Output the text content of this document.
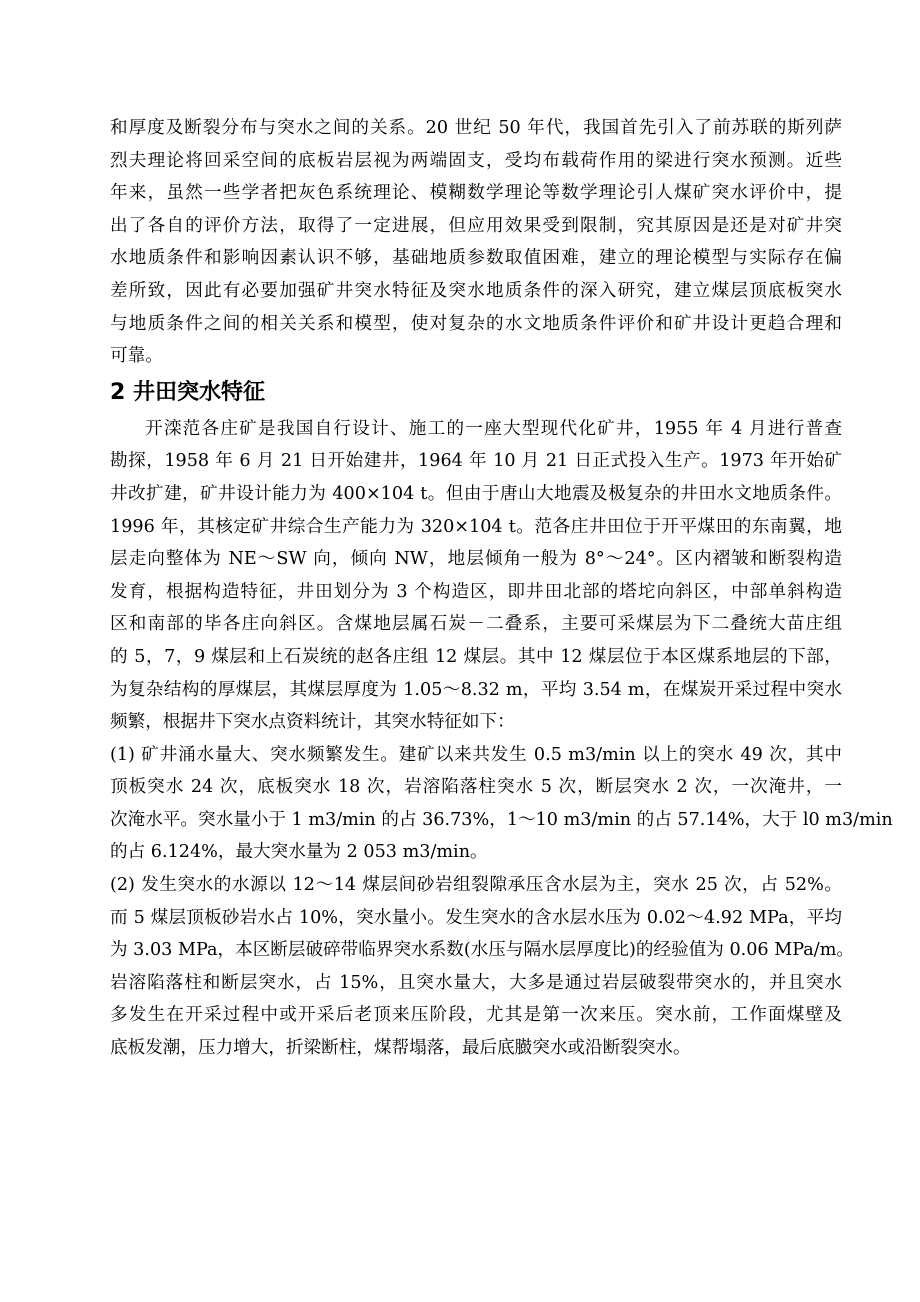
和厚度及断裂分布与突水之间的关系。20 世纪 50 年代，我国首先引入了前苏联的斯列萨
烈夫理论将回采空间的底板岩层视为两端固支，受均布载荷作用的梁进行突水预测。近些
年来，虽然一些学者把灰色系统理论、模糊数学理论等数学理论引人煤矿突水评价中，提
出了各自的评价方法，取得了一定进展，但应用效果受到限制，究其原因是还是对矿井突
水地质条件和影响因素认识不够，基础地质参数取值困难，建立的理论模型与实际存在偏
差所致，因此有必要加强矿井突水特征及突水地质条件的深入研究，建立煤层顶底板突水
与地质条件之间的相关关系和模型，使对复杂的水文地质条件评价和矿井设计更趋合理和
可靠。
2 井田突水特征
开滦范各庄矿是我国自行设计、施工的一座大型现代化矿井，1955 年 4 月进行普查
勘探，1958 年 6 月 21 日开始建井，1964 年 10 月 21 日正式投入生产。1973 年开始矿
井改扩建，矿井设计能力为 400×104 t。但由于唐山大地震及极复杂的井田水文地质条件。
1996 年，其核定矿井综合生产能力为 320×104 t。范各庄井田位于开平煤田的东南翼，地
层走向整体为 NE～SW 向，倾向 NW，地层倾角一般为 8°～24°。区内褶皱和断裂构造
发育，根据构造特征，井田划分为 3 个构造区，即井田北部的塔坨向斜区，中部单斜构造
区和南部的毕各庄向斜区。含煤地层属石炭－二叠系，主要可采煤层为下二叠统大苗庄组
的 5，7，9 煤层和上石炭统的赵各庄组 12 煤层。其中 12 煤层位于本区煤系地层的下部，
为复杂结构的厚煤层，其煤层厚度为 1.05～8.32 m，平均 3.54 m，在煤炭开采过程中突水
频繁，根据井下突水点资料统计，其突水特征如下：
(1) 矿井涌水量大、突水频繁发生。建矿以来共发生 0.5 m3/min 以上的突水 49 次，其中
顶板突水 24 次，底板突水 18 次，岩溶陷落柱突水 5 次，断层突水 2 次，一次淹井，一
次淹水平。突水量小于 1 m3/min 的占 36.73%，1～10 m3/min 的占 57.14%，大于 l0 m3/min
的占 6.124%，最大突水量为 2 053 m3/min。
(2) 发生突水的水源以 12～14 煤层间砂岩组裂隙承压含水层为主，突水 25 次，占 52%。
而 5 煤层顶板砂岩水占 10%，突水量小。发生突水的含水层水压为 0.02～4.92 MPa，平均
为 3.03 MPa，本区断层破碎带临界突水系数(水压与隔水层厚度比)的经验值为 0.06 MPa/m。
岩溶陷落柱和断层突水，占 15%，且突水量大，大多是通过岩层破裂带突水的，并且突水
多发生在开采过程中或开采后老顶来压阶段，尤其是第一次来压。突水前，工作面煤壁及
底板发潮，压力增大，折梁断柱，煤帮塌落，最后底臌突水或沿断裂突水。
